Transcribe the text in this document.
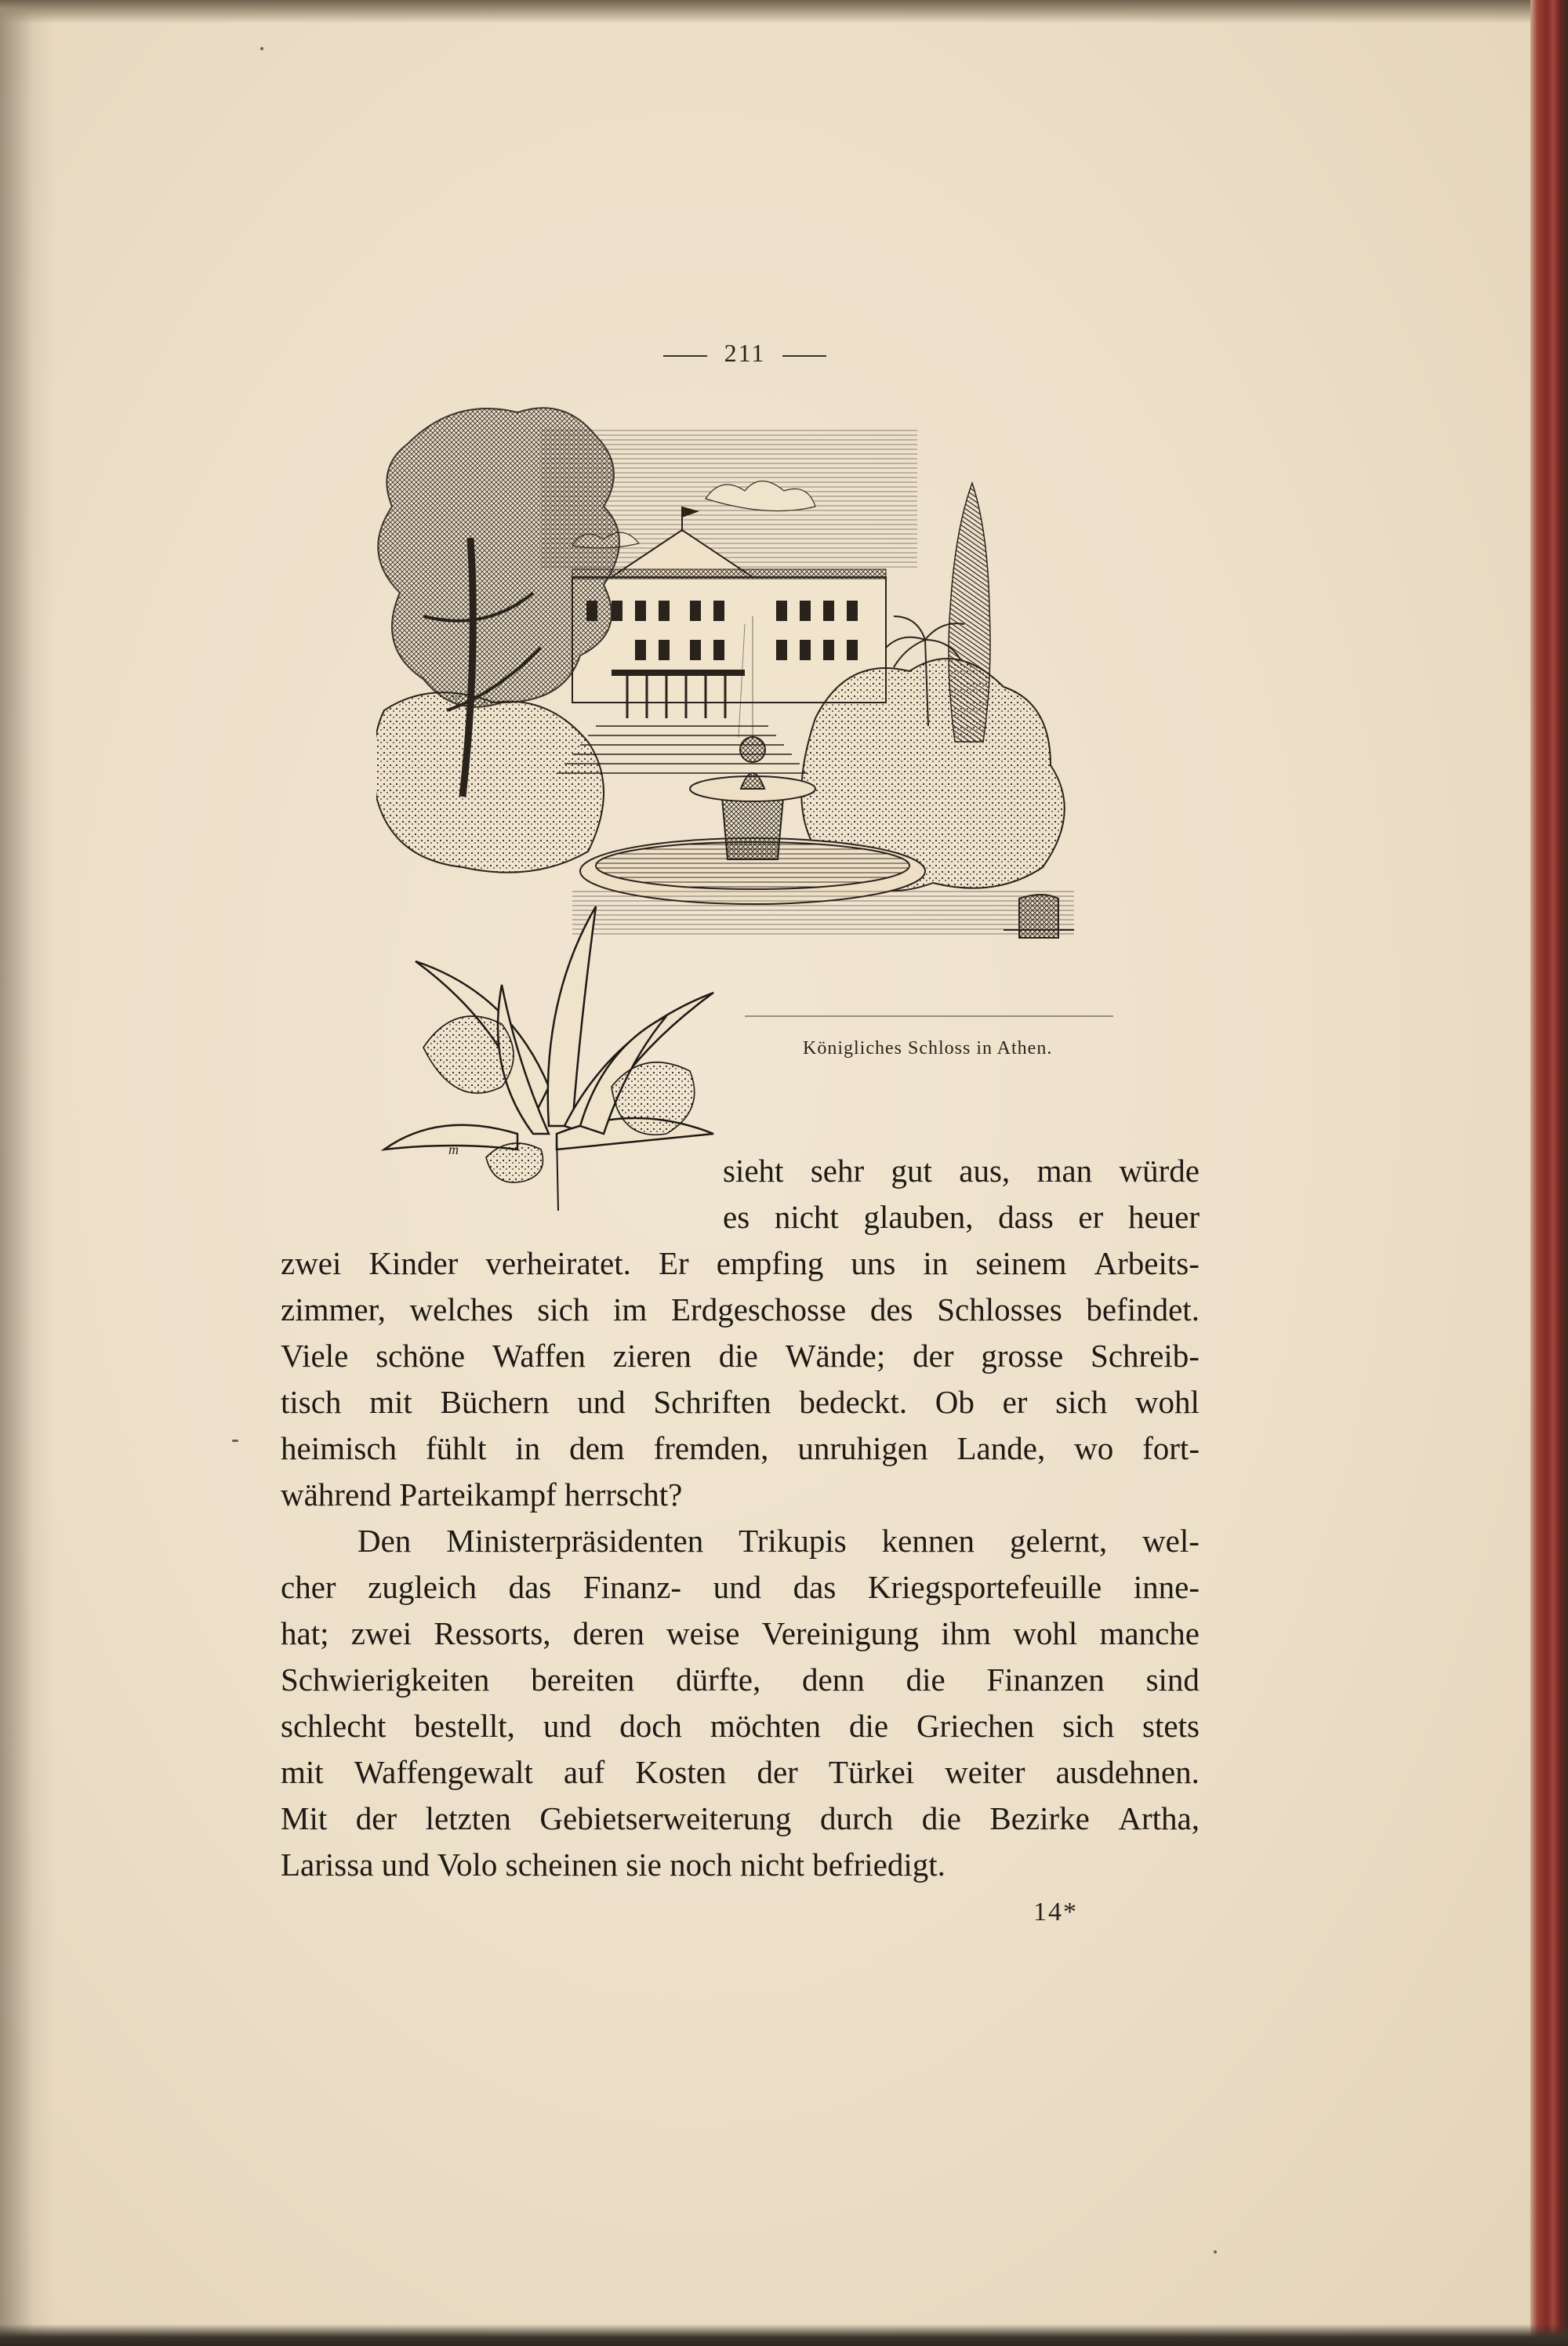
211
m
Königliches Schloss in Athen.
sieht sehr gut aus, man würde
es nicht glauben, dass er heuer
zwei Kinder verheiratet. Er empfing uns in seinem Arbeits-
zimmer, welches sich im Erdgeschosse des Schlosses befindet.
Viele schöne Waffen zieren die Wände; der grosse Schreib-
tisch mit Büchern und Schriften bedeckt. Ob er sich wohl
heimisch fühlt in dem fremden, unruhigen Lande, wo fort-
während Parteikampf herrscht?
Den Ministerpräsidenten Trikupis kennen gelernt, wel-
cher zugleich das Finanz- und das Kriegsportefeuille inne-
hat; zwei Ressorts, deren weise Vereinigung ihm wohl manche
Schwierigkeiten bereiten dürfte, denn die Finanzen sind
schlecht bestellt, und doch möchten die Griechen sich stets
mit Waffengewalt auf Kosten der Türkei weiter ausdehnen.
Mit der letzten Gebietserweiterung durch die Bezirke Artha,
Larissa und Volo scheinen sie noch nicht befriedigt.
14*
